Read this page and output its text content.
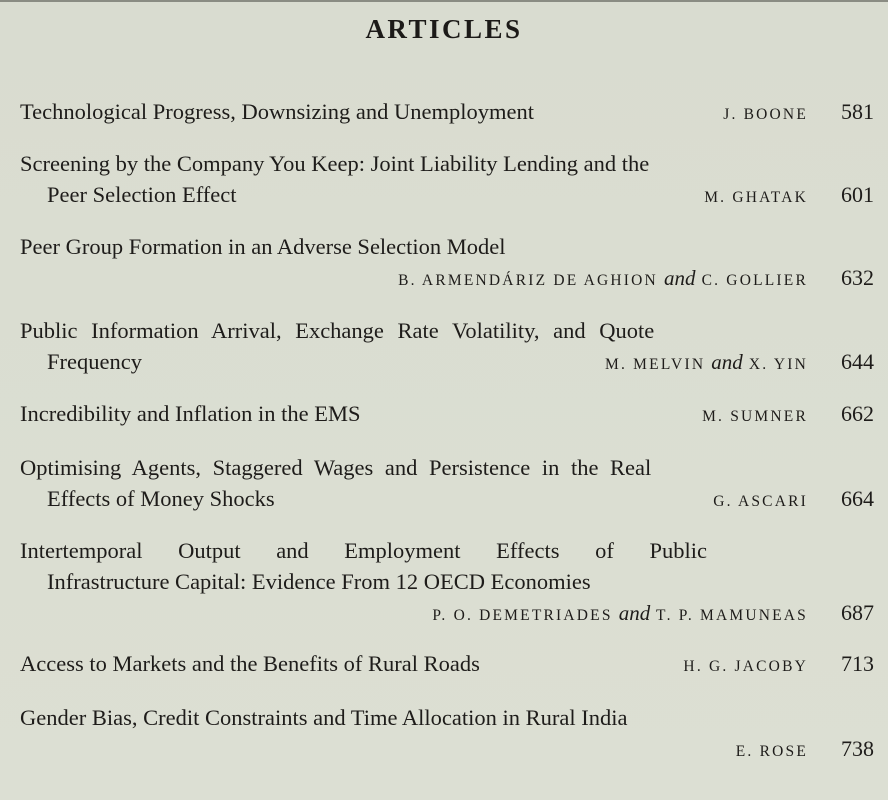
ARTICLES
Technological Progress, Downsizing and Unemployment	J. BOONE	581
Screening by the Company You Keep: Joint Liability Lending and the
Peer Selection Effect	M. GHATAK	601
Peer Group Formation in an Adverse Selection Model
B. ARMENDÁRIZ DE AGHION and C. GOLLIER	632
Public Information Arrival, Exchange Rate Volatility, and Quote
Frequency	M. MELVIN and X. YIN	644
Incredibility and Inflation in the EMS	M. SUMNER	662
Optimising Agents, Staggered Wages and Persistence in the Real
Effects of Money Shocks	G. ASCARI	664
Intertemporal Output and Employment Effects of Public
Infrastructure Capital: Evidence From 12 OECD Economies
P. O. DEMETRIADES and T. P. MAMUNEAS	687
Access to Markets and the Benefits of Rural Roads	H. G. JACOBY	713
Gender Bias, Credit Constraints and Time Allocation in Rural India
E. ROSE	738
